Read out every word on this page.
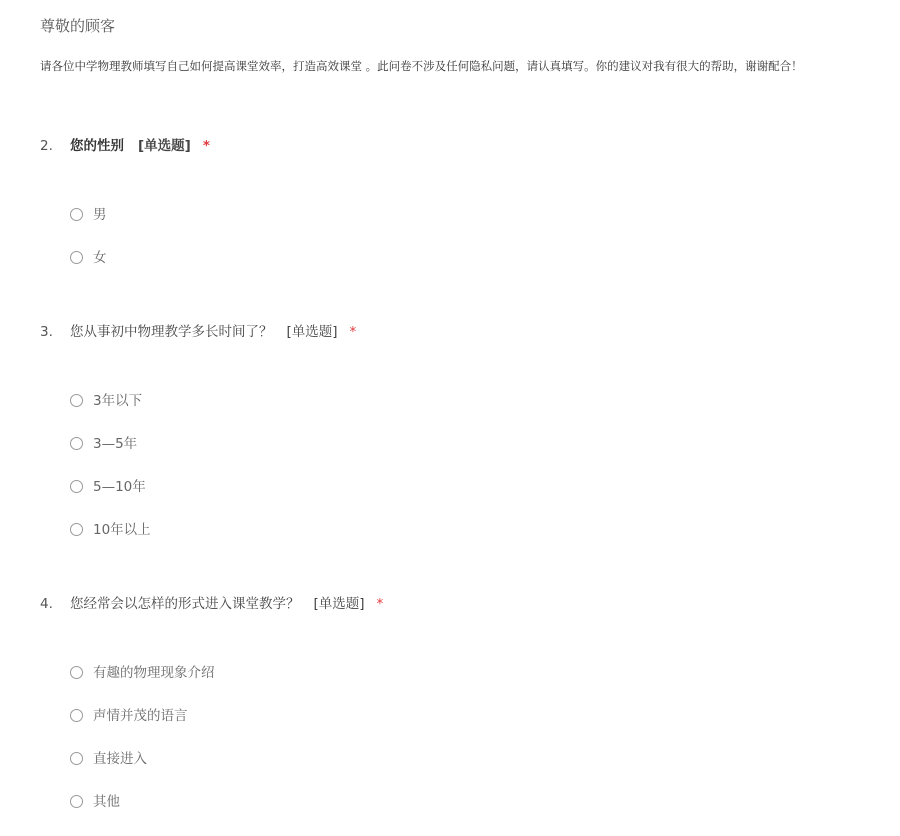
尊敬的顾客
请各位中学物理教师填写自己如何提高课堂效率，打造高效课堂 。此问卷不涉及任何隐私问题，请认真填写。你的建议对我有很大的帮助，谢谢配合！
2. 您的性别 [单选题] *
男
女
3. 您从事初中物理教学多长时间了？ [单选题] *
3年以下
3—5年
5—10年
10年以上
4. 您经常会以怎样的形式进入课堂教学？ [单选题] *
有趣的物理现象介绍
声情并茂的语言
直接进入
其他
